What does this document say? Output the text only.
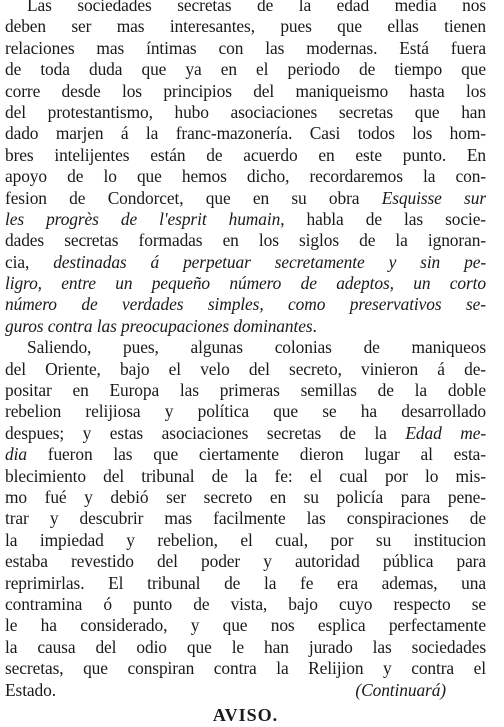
Las sociedades secretas de la edad media nos
deben ser mas interesantes, pues que ellas tienen
relaciones mas íntimas con las modernas. Está fuera
de toda duda que ya en el periodo de tiempo que
corre desde los principios del maniqueismo hasta los
del protestantismo, hubo asociaciones secretas que han
dado marjen á la franc-mazonería. Casi todos los hom-
bres intelijentes están de acuerdo en este punto. En
apoyo de lo que hemos dicho, recordaremos la con-
fesion de Condorcet, que en su obra Esquisse sur
les progrès de l'esprit humain, habla de las socie-
dades secretas formadas en los siglos de la ignoran-
cia, destinadas á perpetuar secretamente y sin pe-
ligro, entre un pequeño número de adeptos, un corto
número de verdades simples, como preservativos se-
guros contra las preocupaciones dominantes.
Saliendo, pues, algunas colonias de maniqueos
del Oriente, bajo el velo del secreto, vinieron á de-
positar en Europa las primeras semillas de la doble
rebelion relijiosa y política que se ha desarrollado
despues; y estas asociaciones secretas de la Edad me-
dia fueron las que ciertamente dieron lugar al esta-
blecimiento del tribunal de la fe: el cual por lo mis-
mo fué y debió ser secreto en su policía para pene-
trar y descubrir mas facilmente las conspiraciones de
la impiedad y rebelion, el cual, por su institucion
estaba revestido del poder y autoridad pública para
reprimirlas. El tribunal de la fe era ademas, una
contramina ó punto de vista, bajo cuyo respecto se
le ha considerado, y que nos esplica perfectamente
la causa del odio que le han jurado las sociedades
secretas, que conspiran contra la Relijion y contra el
Estado.	(Continuará)
AVISO.
